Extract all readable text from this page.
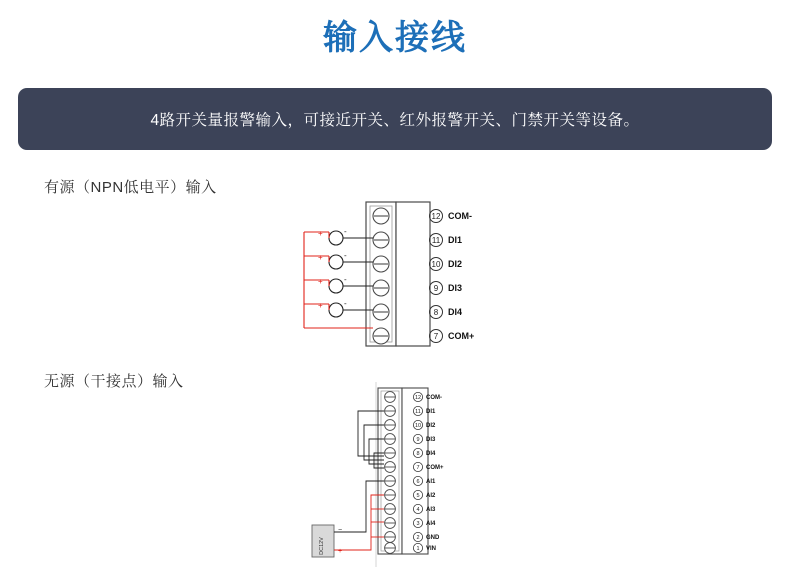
输入接线
4路开关量报警输入，可接近开关、红外报警开关、门禁开关等设备。
有源（NPN低电平）输入
无源（干接点）输入
12
11
10
9
8
7
COM-
DI1
DI2
DI3
DI4
COM+
+	-
+	-
+	-
+	-
12
11
10
9
8
7
6
5
4
3
2
1
COM-
DI1
DI2
DI3
DI4
COM+
AI1
AI2
AI3
AI4
GND
VIN
DC12V
−
+
